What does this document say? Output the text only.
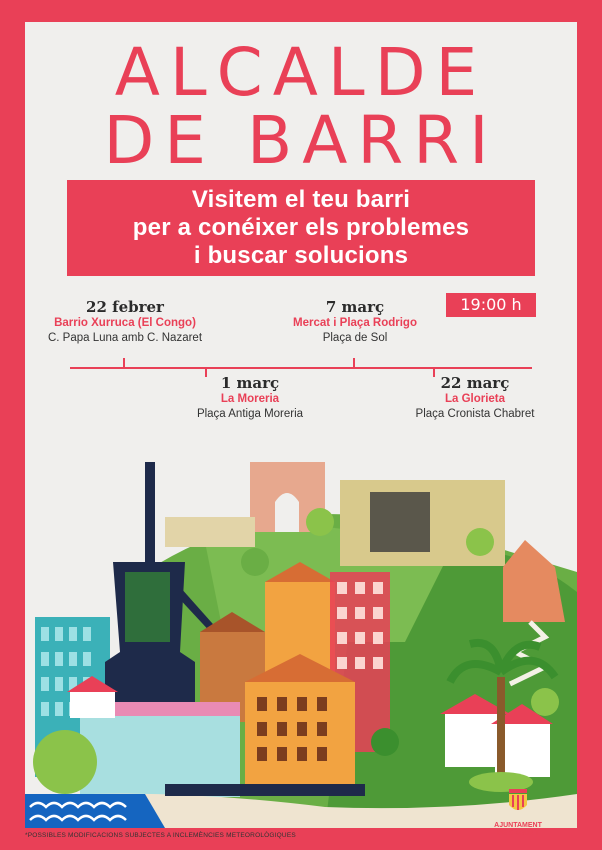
ALCALDE
DE BARRI
Visitem el teu barri
per a conéixer els problemes
i buscar solucions
19:00 h
22 febrer
Barrio Xurruca (El Congo)
C. Papa Luna amb C. Nazaret
7 març
Mercat i Plaça Rodrigo
Plaça de Sol
1 març
La Moreria
Plaça Antiga Moreria
22 març
La Glorieta
Plaça Cronista Chabret
*POSSIBLES MODIFICACIONS SUBJECTES A INCLEMÈNCIES METEOROLÒGIQUES
AJUNTAMENT
DE SAGUNT
